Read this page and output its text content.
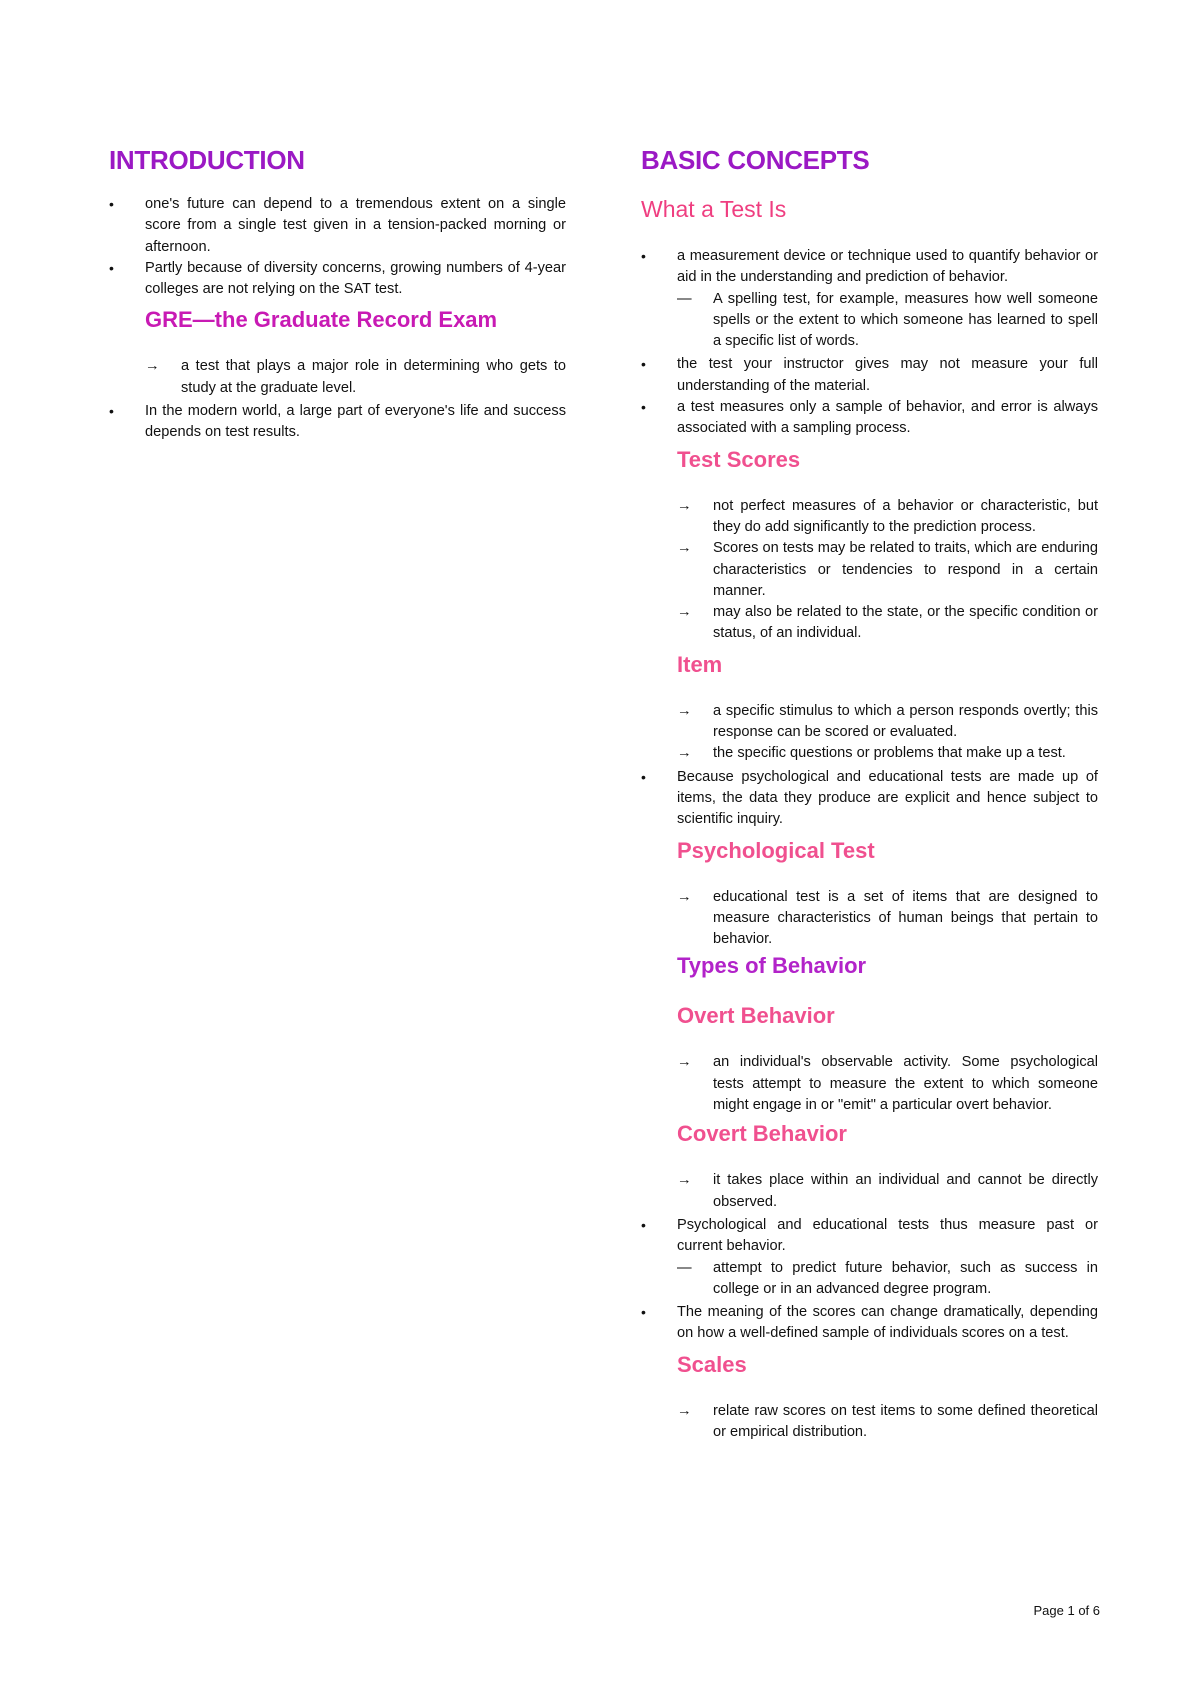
INTRODUCTION
• one's future can depend to a tremendous extent on a single score from a single test given in a tension-packed morning or afternoon.
• Partly because of diversity concerns, growing numbers of 4-year colleges are not relying on the SAT test.
GRE—the Graduate Record Exam
→ a test that plays a major role in determining who gets to study at the graduate level.
• In the modern world, a large part of everyone's life and success depends on test results.
BASIC CONCEPTS
What a Test Is
• a measurement device or technique used to quantify behavior or aid in the understanding and prediction of behavior.
— A spelling test, for example, measures how well someone spells or the extent to which someone has learned to spell a specific list of words.
• the test your instructor gives may not measure your full understanding of the material.
• a test measures only a sample of behavior, and error is always associated with a sampling process.
Test Scores
→ not perfect measures of a behavior or characteristic, but they do add significantly to the prediction process.
→ Scores on tests may be related to traits, which are enduring characteristics or tendencies to respond in a certain manner.
→ may also be related to the state, or the specific condition or status, of an individual.
Item
→ a specific stimulus to which a person responds overtly; this response can be scored or evaluated.
→ the specific questions or problems that make up a test.
• Because psychological and educational tests are made up of items, the data they produce are explicit and hence subject to scientific inquiry.
Psychological Test
→ educational test is a set of items that are designed to measure characteristics of human beings that pertain to behavior.
Types of Behavior
Overt Behavior
→ an individual's observable activity. Some psychological tests attempt to measure the extent to which someone might engage in or "emit" a particular overt behavior.
Covert Behavior
→ it takes place within an individual and cannot be directly observed.
• Psychological and educational tests thus measure past or current behavior.
— attempt to predict future behavior, such as success in college or in an advanced degree program.
• The meaning of the scores can change dramatically, depending on how a well-defined sample of individuals scores on a test.
Scales
→ relate raw scores on test items to some defined theoretical or empirical distribution.
Page 1 of 6
